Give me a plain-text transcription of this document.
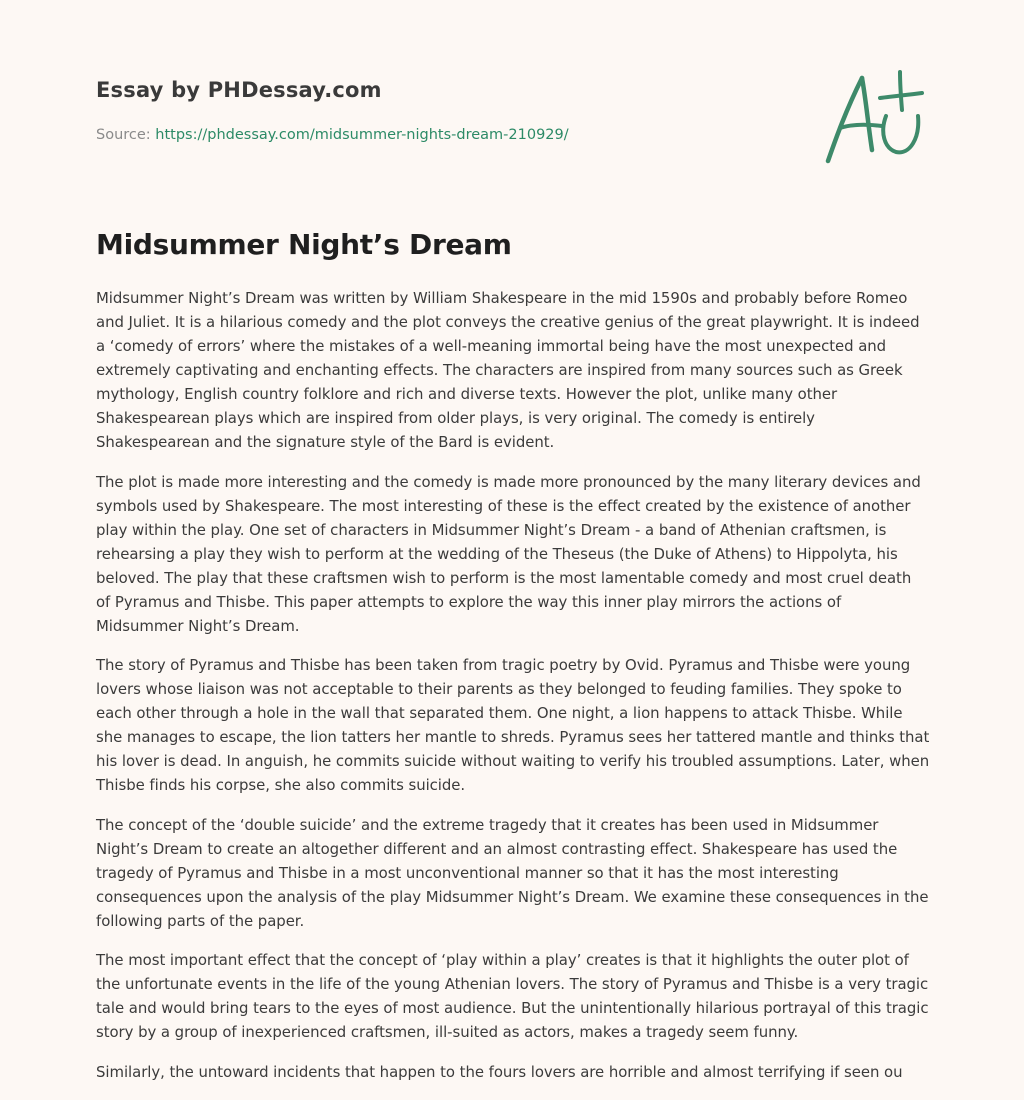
Essay by PHDessay.com
Source: https://phdessay.com/midsummer-nights-dream-210929/
Midsummer Night’s Dream

Midsummer Night’s Dream was written by William Shakespeare in the mid 1590s and probably before Romeo and Juliet. It is a hilarious comedy and the plot conveys the creative genius of the great playwright. It is indeed a ‘comedy of errors’ where the mistakes of a well-meaning immortal being have the most unexpected and extremely captivating and enchanting effects. The characters are inspired from many sources such as Greek mythology, English country folklore and rich and diverse texts. However the plot, unlike many other Shakespearean plays which are inspired from older plays, is very original. The comedy is entirely Shakespearean and the signature style of the Bard is evident.

The plot is made more interesting and the comedy is made more pronounced by the many literary devices and symbols used by Shakespeare. The most interesting of these is the effect created by the existence of another play within the play. One set of characters in Midsummer Night’s Dream - a band of Athenian craftsmen, is rehearsing a play they wish to perform at the wedding of the Theseus (the Duke of Athens) to Hippolyta, his beloved. The play that these craftsmen wish to perform is the most lamentable comedy and most cruel death of Pyramus and Thisbe. This paper attempts to explore the way this inner play mirrors the actions of Midsummer Night’s Dream.

The story of Pyramus and Thisbe has been taken from tragic poetry by Ovid. Pyramus and Thisbe were young lovers whose liaison was not acceptable to their parents as they belonged to feuding families. They spoke to each other through a hole in the wall that separated them. One night, a lion happens to attack Thisbe. While she manages to escape, the lion tatters her mantle to shreds. Pyramus sees her tattered mantle and thinks that his lover is dead. In anguish, he commits suicide without waiting to verify his troubled assumptions. Later, when Thisbe finds his corpse, she also commits suicide.

The concept of the ‘double suicide’ and the extreme tragedy that it creates has been used in Midsummer Night’s Dream to create an altogether different and an almost contrasting effect. Shakespeare has used the tragedy of Pyramus and Thisbe in a most unconventional manner so that it has the most interesting consequences upon the analysis of the play Midsummer Night’s Dream. We examine these consequences in the following parts of the paper.

The most important effect that the concept of ‘play within a play’ creates is that it highlights the outer plot of the unfortunate events in the life of the young Athenian lovers. The story of Pyramus and Thisbe is a very tragic tale and would bring tears to the eyes of most audience. But the unintentionally hilarious portrayal of this tragic story by a group of inexperienced craftsmen, ill-suited as actors, makes a tragedy seem funny.

Similarly, the untoward incidents that happen to the fours lovers are horrible and almost terrifying if seen ou
